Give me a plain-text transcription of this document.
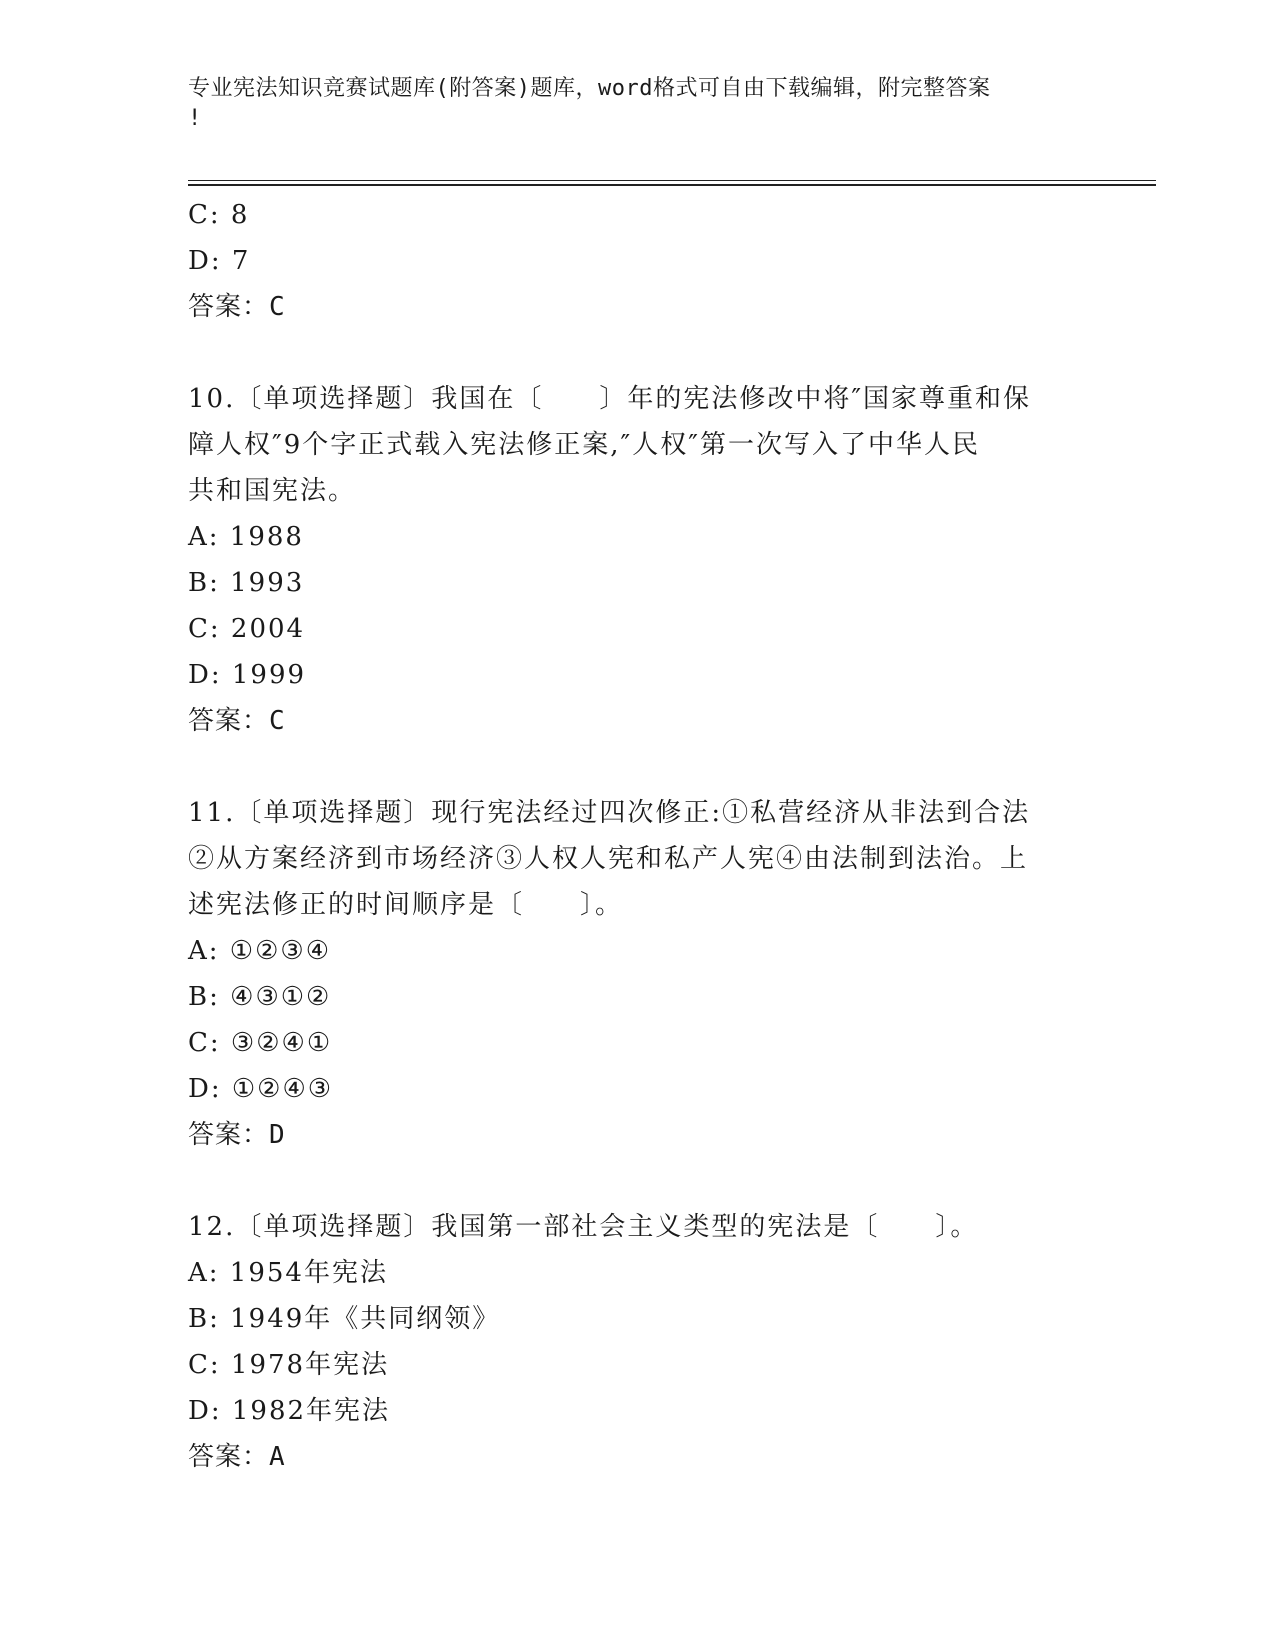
专业宪法知识竞赛试题库(附答案)题库，word格式可自由下载编辑，附完整答案
!
C: 8
D: 7
答案：C
10.〔单项选择题〕我国在〔　　〕年的宪法修改中将″国家尊重和保
障人权″9个字正式载入宪法修正案,″人权″第一次写入了中华人民
共和国宪法。
A: 1988
B: 1993
C: 2004
D: 1999
答案：C
11.〔单项选择题〕现行宪法经过四次修正:①私营经济从非法到合法
②从方案经济到市场经济③人权人宪和私产人宪④由法制到法治。上
述宪法修正的时间顺序是〔　　〕。
A: ①②③④
B: ④③①②
C: ③②④①
D: ①②④③
答案：D
12.〔单项选择题〕我国第一部社会主义类型的宪法是〔　　〕。
A: 1954年宪法
B: 1949年《共同纲领》
C: 1978年宪法
D: 1982年宪法
答案：A
